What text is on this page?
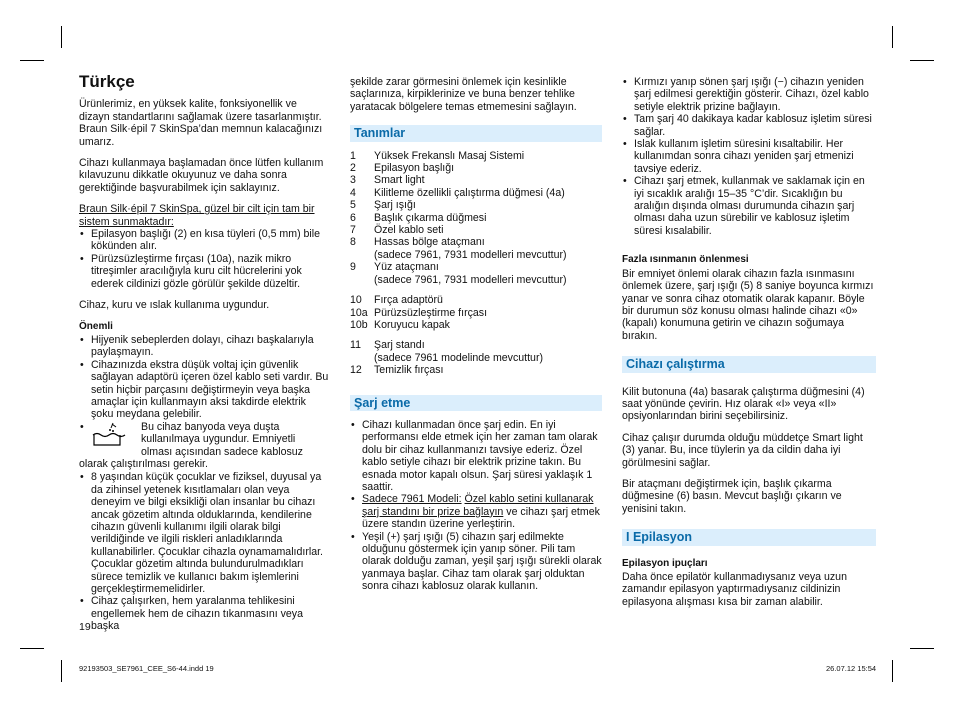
Türkçe

Ürünlerimiz, en yüksek kalite, fonksiyonellik ve dizayn standartlarını sağlamak üzere tasarlanmıştır. Braun Silk·épil 7 SkinSpa’dan memnun kalacağınızı umarız.

Cihazı kullanmaya başlamadan önce lütfen kullanım kılavuzunu dikkatle okuyunuz ve daha sonra gerektiğinde başvurabilmek için saklayınız.

Braun Silk·épil 7 SkinSpa, güzel bir cilt için tam bir sistem sunmaktadır:
• Epilasyon başlığı (2) en kısa tüyleri (0,5 mm) bile kökünden alır.
• Pürüzsüzleştirme fırçası (10a), nazik mikro titreşimler aracılığıyla kuru cilt hücrelerini yok ederek cildinizi gözle görülür şekilde düzeltir.

Cihaz, kuru ve ıslak kullanıma uygundur.

Önemli
• Hijyenik sebeplerden dolayı, cihazı başkalarıyla paylaşmayın.
• Cihazınızda ekstra düşük voltaj için güvenlik sağlayan adaptörü içeren özel kablo seti vardır. Bu setin hiçbir parçasını değiştirmeyin veya başka amaçlar için kullanmayın aksi takdirde elektrik şoku meydana gelebilir.
• Bu cihaz banyoda veya duşta kullanılmaya uygundur. Emniyetli olması açısından sadece kablosuz
olarak çalıştırılması gerekir.
• 8 yaşından küçük çocuklar ve fiziksel, duyusal ya da zihinsel yetenek kısıtlamaları olan veya deneyim ve bilgi eksikliği olan insanlar bu cihazı ancak gözetim altında olduklarında, kendilerine cihazın güvenli kullanımı ilgili olarak bilgi verildiğinde ve ilgili riskleri anladıklarında kullanabilirler. Çocuklar cihazla oynamamalıdırlar. Çocuklar gözetim altında bulundurulmadıkları sürece temizlik ve kullanıcı bakım işlemlerini gerçekleştirmemelidirler.
• Cihaz çalışırken, hem yaralanma tehlikesini engellemek hem de cihazın tıkanmasını veya başka

şekilde zarar görmesini önlemek için kesinlikle saçlarınıza, kirpiklerinize ve buna benzer tehlike yaratacak bölgelere temas etmemesini sağlayın.

Tanımlar
1	Yüksek Frekanslı Masaj Sistemi
2	Epilasyon başlığı
3	Smart light
4	Kilitleme özellikli çalıştırma düğmesi (4a)
5	Şarj ışığı
6	Başlık çıkarma düğmesi
7	Özel kablo seti
8	Hassas bölge ataçmanı
(sadece 7961, 7931 modelleri mevcuttur)
9	Yüz ataçmanı
(sadece 7961, 7931 modelleri mevcuttur)
10	Fırça adaptörü
10a Pürüzsüzleştirme fırçası
10b Koruyucu kapak
11	Şarj standı
(sadece 7961 modelinde mevcuttur)
12	Temizlik fırçası
Şarj etme
• Cihazı kullanmadan önce şarj edin. En iyi performansı elde etmek için her zaman tam olarak dolu bir cihaz kullanmanızı tavsiye ederiz. Özel kablo setiyle cihazı bir elektrik prizine takın. Bu esnada motor kapalı olsun. Şarj süresi yaklaşık 1 saattir.
• Sadece 7961 Modeli: Özel kablo setini kullanarak şarj standını bir prize bağlayın ve cihazı şarj etmek üzere standın üzerine yerleştirin.
• Yeşil (+) şarj ışığı (5) cihazın şarj edilmekte olduğunu göstermek için yanıp söner. Pili tam olarak dolduğu zaman, yeşil şarj ışığı sürekli olarak yanmaya başlar. Cihaz tam olarak şarj olduktan sonra cihazı kablosuz olarak kullanın.
• Kırmızı yanıp sönen şarj ışığı (−) cihazın yeniden şarj edilmesi gerektiğin gösterir. Cihazı, özel kablo setiyle elektrik prizine bağlayın.
• Tam şarj 40 dakikaya kadar kablosuz işletim süresi sağlar.
• Islak kullanım işletim süresini kısaltabilir. Her kullanımdan sonra cihazı yeniden şarj etmenizi tavsiye ederiz.
• Cihazı şarj etmek, kullanmak ve saklamak için en iyi sıcaklık aralığı 15–35 °C’dir. Sıcaklığın bu aralığın dışında olması durumunda cihazın şarj olması daha uzun sürebilir ve kablosuz işletim süresi kısalabilir.
Fazla ısınmanın önlenmesi

Bir emniyet önlemi olarak cihazın fazla ısınmasını önlemek üzere, şarj ışığı (5) 8 saniye boyunca kırmızı yanar ve sonra cihaz otomatik olarak kapanır. Böyle bir durumun söz konusu olması halinde cihazı «0» (kapalı) konumuna getirin ve cihazın soğumaya bırakın.

Cihazı çalıştırma

Kilit butonuna (4a) basarak çalıştırma düğmesini (4) saat yönünde çevirin. Hız olarak «I» veya «II» opsiyonlarından birini seçebilirsiniz.

Cihaz çalışır durumda olduğu müddetçe Smart light (3) yanar. Bu, ince tüylerin ya da cildin daha iyi görülmesini sağlar.

Bir ataçmanı değiştirmek için, başlık çıkarma düğmesine (6) basın. Mevcut başlığı çıkarın ve yenisini takın.

I Epilasyon
Epilasyon ipuçları

Daha önce epilatör kullanmadıysanız veya uzun zamandır epilasyon yaptırmadıysanız cildinizin epilasyona alışması kısa bir zaman alabilir.

19
92193503_SE7961_CEE_S6-44.indd 19	26.07.12 15:54
